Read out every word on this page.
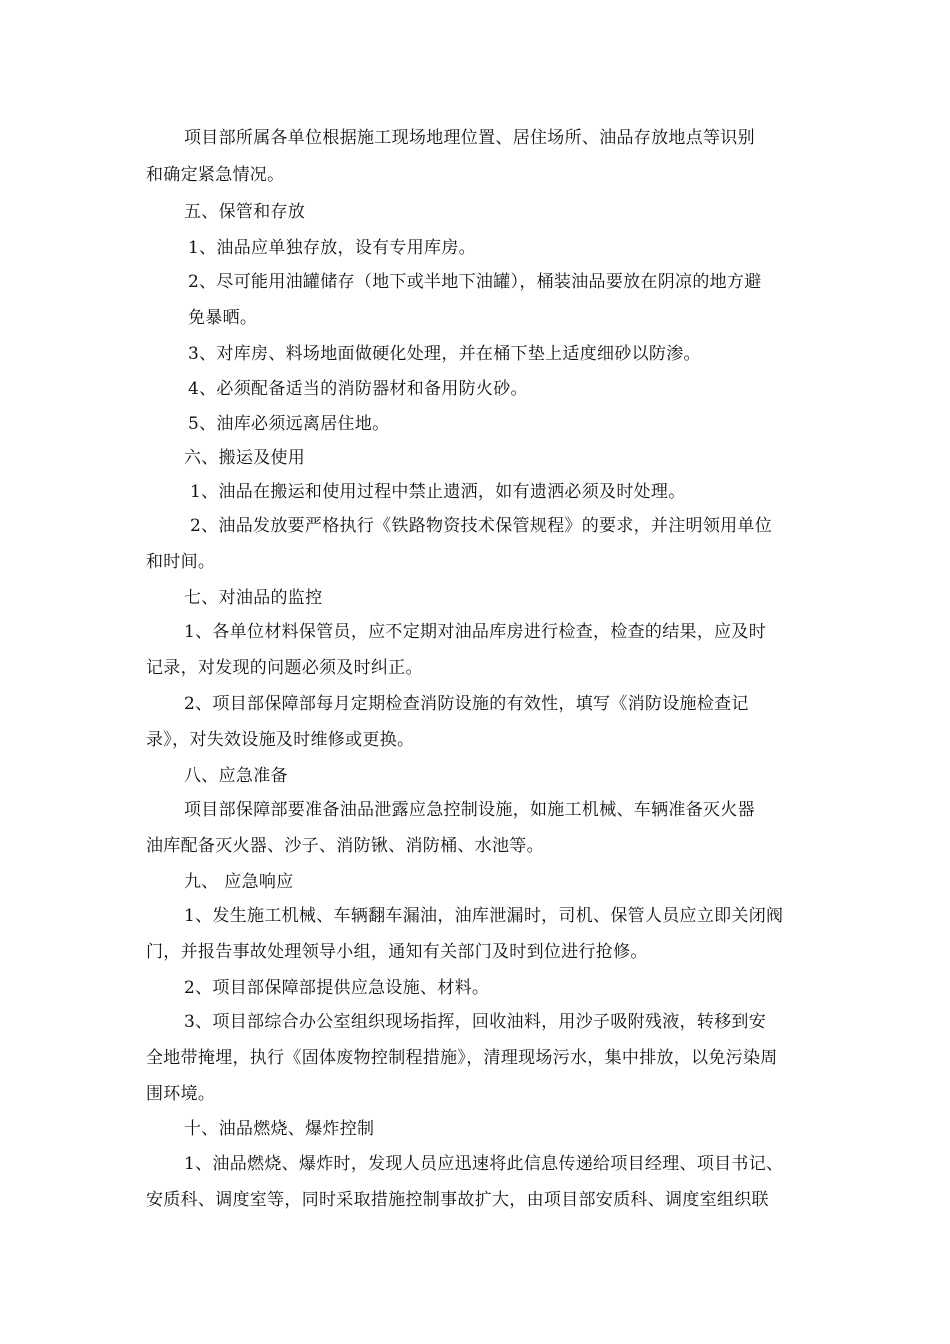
项目部所属各单位根据施工现场地理位置、居住场所、油品存放地点等识别
和确定紧急情况。
五、保管和存放
1、油品应单独存放，设有专用库房。
2、尽可能用油罐储存（地下或半地下油罐），桶装油品要放在阴凉的地方避
免暴晒。
3、对库房、料场地面做硬化处理，并在桶下垫上适度细砂以防渗。
4、必须配备适当的消防器材和备用防火砂。
5、油库必须远离居住地。
六、搬运及使用
1、油品在搬运和使用过程中禁止遗洒，如有遗洒必须及时处理。
2、油品发放要严格执行《铁路物资技术保管规程》的要求，并注明领用单位
和时间。
七、对油品的监控
1、各单位材料保管员，应不定期对油品库房进行检查，检查的结果，应及时
记录，对发现的问题必须及时纠正。
2、项目部保障部每月定期检查消防设施的有效性，填写《消防设施检查记
录》，对失效设施及时维修或更换。
八、应急准备
项目部保障部要准备油品泄露应急控制设施，如施工机械、车辆准备灭火器
油库配备灭火器、沙子、消防锹、消防桶、水池等。
九、 应急响应
1、发生施工机械、车辆翻车漏油，油库泄漏时，司机、保管人员应立即关闭阀
门，并报告事故处理领导小组，通知有关部门及时到位进行抢修。
2、项目部保障部提供应急设施、材料。
3、项目部综合办公室组织现场指挥，回收油料，用沙子吸附残液，转移到安
全地带掩埋，执行《固体废物控制程措施》，清理现场污水，集中排放，以免污染周
围环境。
十、油品燃烧、爆炸控制
1、油品燃烧、爆炸时，发现人员应迅速将此信息传递给项目经理、项目书记、
安质科、调度室等，同时采取措施控制事故扩大，由项目部安质科、调度室组织联
